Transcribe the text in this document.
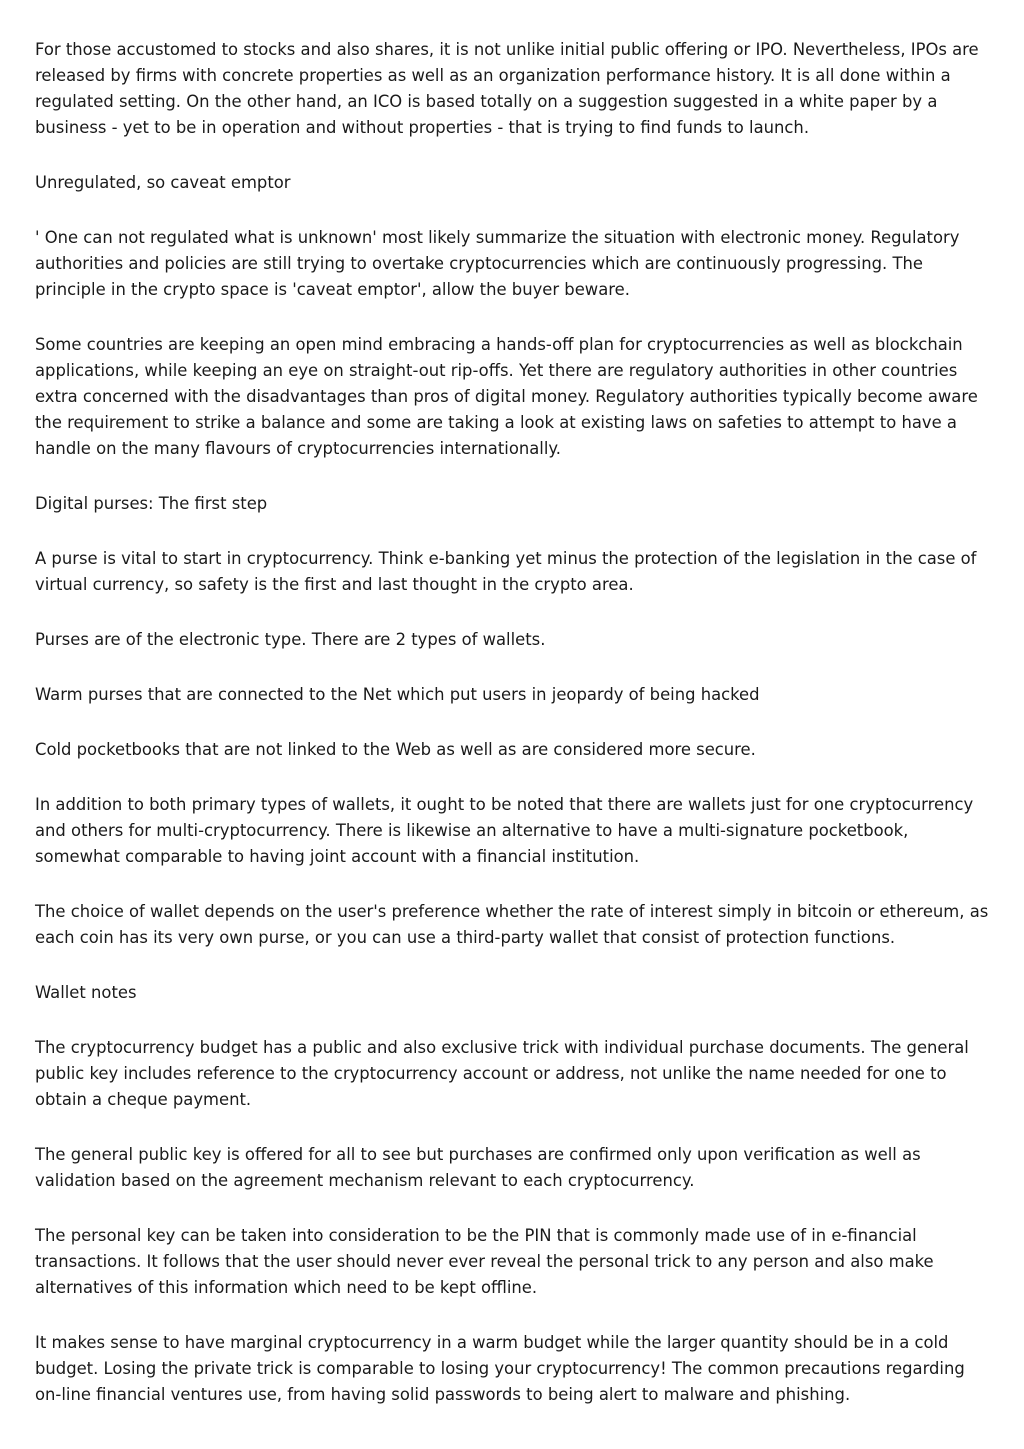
For those accustomed to stocks and also shares, it is not unlike initial public offering or IPO. Nevertheless, IPOs are released by firms with concrete properties as well as an organization performance history. It is all done within a regulated setting. On the other hand, an ICO is based totally on a suggestion suggested in a white paper by a business - yet to be in operation and without properties - that is trying to find funds to launch.

Unregulated, so caveat emptor

' One can not regulated what is unknown' most likely summarize the situation with electronic money. Regulatory authorities and policies are still trying to overtake cryptocurrencies which are continuously progressing. The principle in the crypto space is 'caveat emptor', allow the buyer beware.

Some countries are keeping an open mind embracing a hands-off plan for cryptocurrencies as well as blockchain applications, while keeping an eye on straight-out rip-offs. Yet there are regulatory authorities in other countries extra concerned with the disadvantages than pros of digital money. Regulatory authorities typically become aware the requirement to strike a balance and some are taking a look at existing laws on safeties to attempt to have a handle on the many flavours of cryptocurrencies internationally.

Digital purses: The first step

A purse is vital to start in cryptocurrency. Think e-banking yet minus the protection of the legislation in the case of virtual currency, so safety is the first and last thought in the crypto area.

Purses are of the electronic type. There are 2 types of wallets.

Warm purses that are connected to the Net which put users in jeopardy of being hacked

Cold pocketbooks that are not linked to the Web as well as are considered more secure.

In addition to both primary types of wallets, it ought to be noted that there are wallets just for one cryptocurrency and others for multi-cryptocurrency. There is likewise an alternative to have a multi-signature pocketbook, somewhat comparable to having joint account with a financial institution.

The choice of wallet depends on the user's preference whether the rate of interest simply in bitcoin or ethereum, as each coin has its very own purse, or you can use a third-party wallet that consist of protection functions.

Wallet notes

The cryptocurrency budget has a public and also exclusive trick with individual purchase documents. The general public key includes reference to the cryptocurrency account or address, not unlike the name needed for one to obtain a cheque payment.

The general public key is offered for all to see but purchases are confirmed only upon verification as well as validation based on the agreement mechanism relevant to each cryptocurrency.

The personal key can be taken into consideration to be the PIN that is commonly made use of in e-financial transactions. It follows that the user should never ever reveal the personal trick to any person and also make alternatives of this information which need to be kept offline.

It makes sense to have marginal cryptocurrency in a warm budget while the larger quantity should be in a cold budget. Losing the private trick is comparable to losing your cryptocurrency! The common precautions regarding on-line financial ventures use, from having solid passwords to being alert to malware and phishing.
